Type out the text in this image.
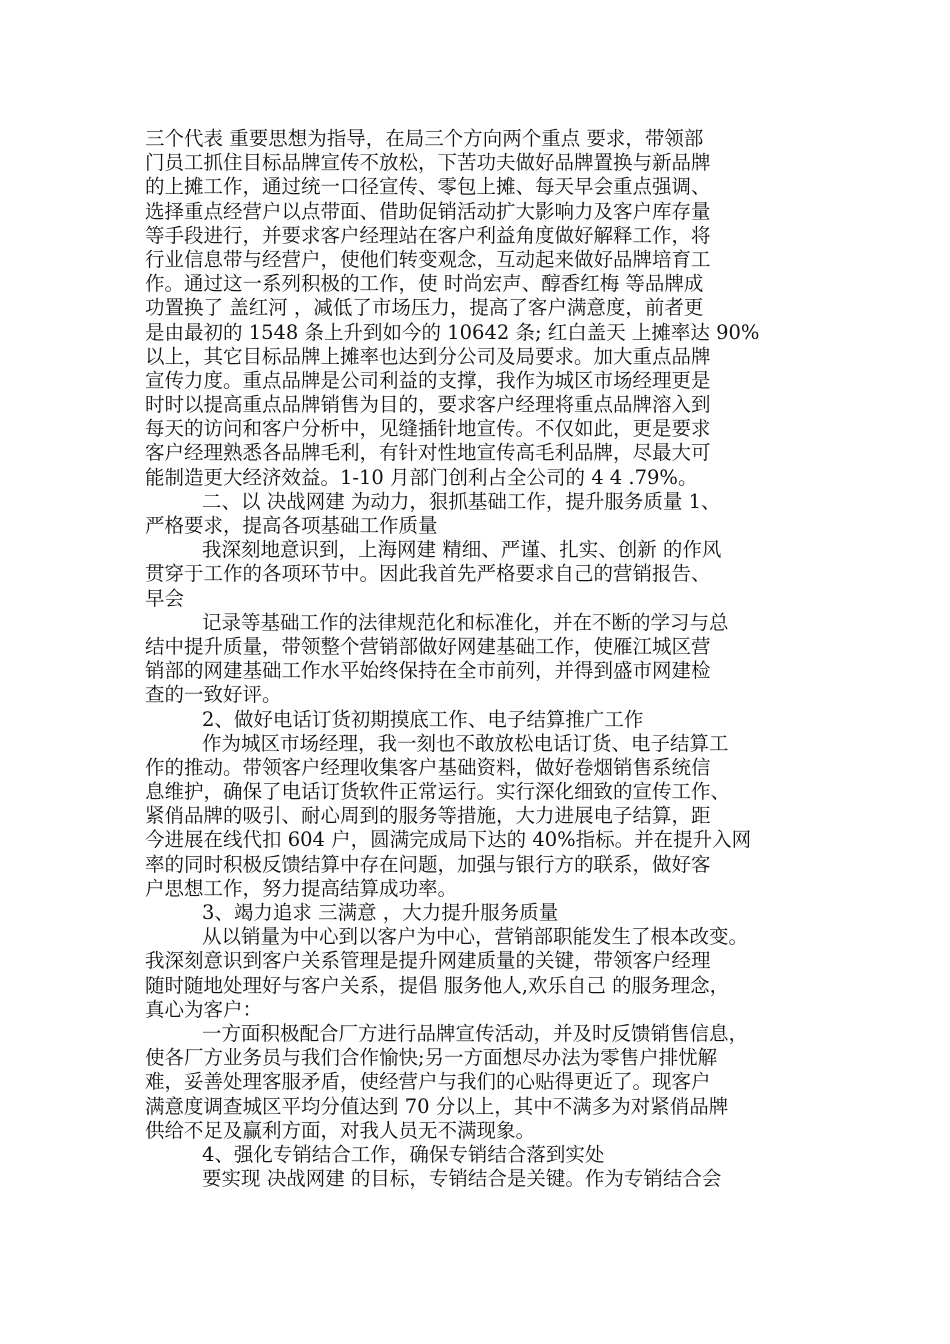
三个代表 重要思想为指导，在局三个方向两个重点 要求，带领部
门员工抓住目标品牌宣传不放松，下苦功夫做好品牌置换与新品牌
的上摊工作，通过统一口径宣传、零包上摊、每天早会重点强调、
选择重点经营户以点带面、借助促销活动扩大影响力及客户库存量
等手段进行，并要求客户经理站在客户利益角度做好解释工作，将
行业信息带与经营户，使他们转变观念，互动起来做好品牌培育工
作。通过这一系列积极的工作，使 时尚宏声、醇香红梅 等品牌成
功置换了 盖红河 ，减低了市场压力，提高了客户满意度，前者更
是由最初的 1548 条上升到如今的 10642 条; 红白盖天 上摊率达 90%
以上，其它目标品牌上摊率也达到分公司及局要求。加大重点品牌
宣传力度。重点品牌是公司利益的支撑，我作为城区市场经理更是
时时以提高重点品牌销售为目的，要求客户经理将重点品牌溶入到
每天的访问和客户分析中，见缝插针地宣传。不仅如此，更是要求
客户经理熟悉各品牌毛利，有针对性地宣传高毛利品牌，尽最大可
能制造更大经济效益。1-10 月部门创利占全公司的 4 4 .79%。
二、以 决战网建 为动力，狠抓基础工作，提升服务质量 1、
严格要求，提高各项基础工作质量
我深刻地意识到，上海网建 精细、严谨、扎实、创新 的作风
贯穿于工作的各项环节中。因此我首先严格要求自己的营销报告、
早会
记录等基础工作的法律规范化和标准化，并在不断的学习与总
结中提升质量，带领整个营销部做好网建基础工作，使雁江城区营
销部的网建基础工作水平始终保持在全市前列，并得到盛市网建检
查的一致好评。
2、做好电话订货初期摸底工作、电子结算推广工作
作为城区市场经理，我一刻也不敢放松电话订货、电子结算工
作的推动。带领客户经理收集客户基础资料，做好卷烟销售系统信
息维护，确保了电话订货软件正常运行。实行深化细致的宣传工作、
紧俏品牌的吸引、耐心周到的服务等措施，大力进展电子结算，距
今进展在线代扣 604 户，圆满完成局下达的 40%指标。并在提升入网
率的同时积极反馈结算中存在问题，加强与银行方的联系，做好客
户思想工作，努力提高结算成功率。
3、竭力追求 三满意 ，大力提升服务质量
从以销量为中心到以客户为中心，营销部职能发生了根本改变。
我深刻意识到客户关系管理是提升网建质量的关键，带领客户经理
随时随地处理好与客户关系，提倡 服务他人,欢乐自己 的服务理念，
真心为客户：
一方面积极配合厂方进行品牌宣传活动，并及时反馈销售信息，
使各厂方业务员与我们合作愉快;另一方面想尽办法为零售户排忧解
难，妥善处理客服矛盾，使经营户与我们的心贴得更近了。现客户
满意度调查城区平均分值达到 70 分以上，其中不满多为对紧俏品牌
供给不足及赢利方面，对我人员无不满现象。
4、强化专销结合工作，确保专销结合落到实处
要实现 决战网建 的目标，专销结合是关键。作为专销结合会
